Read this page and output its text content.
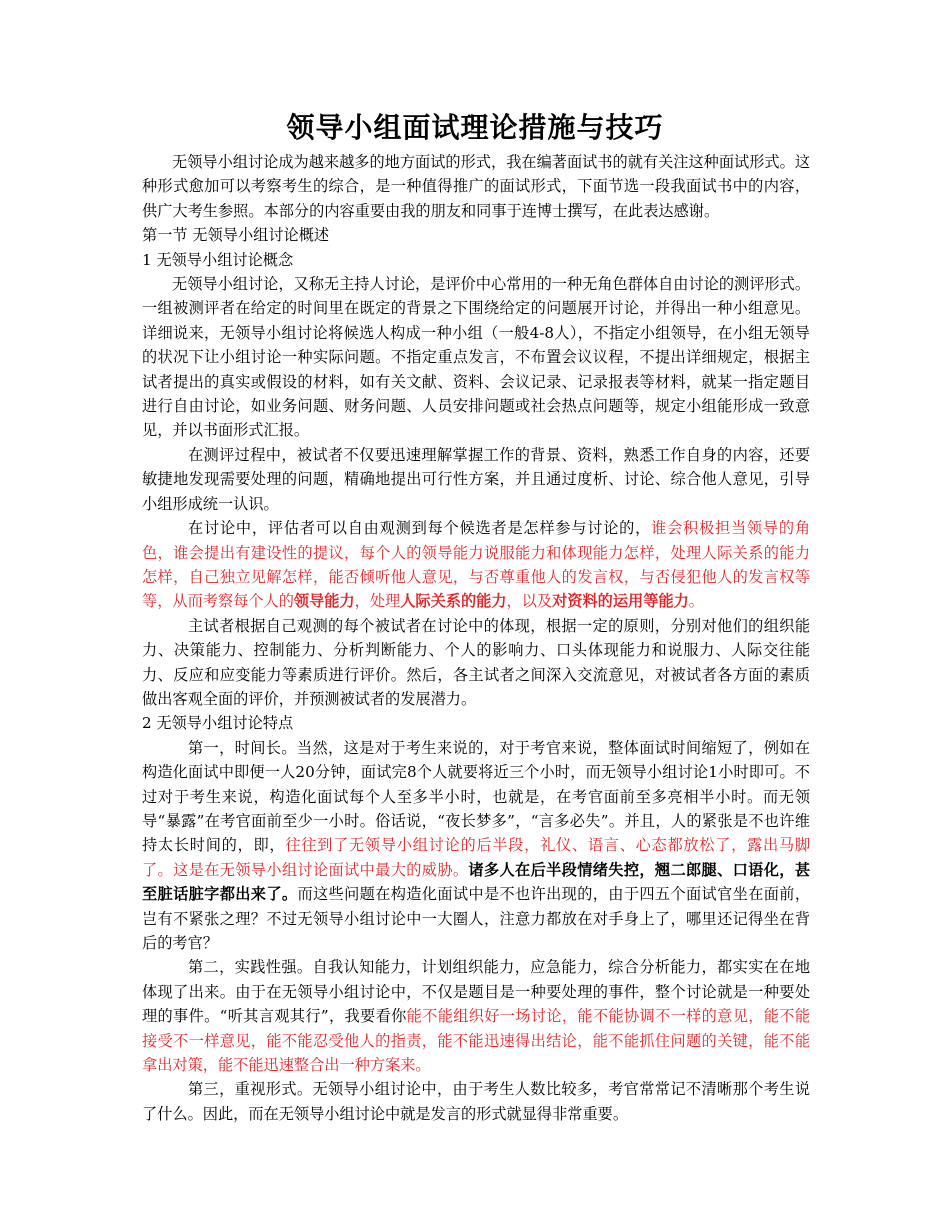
领导小组面试理论措施与技巧

无领导小组讨论成为越来越多的地方面试的形式，我在编著面试书的就有关注这种面试形式。这种形式愈加可以考察考生的综合，是一种值得推广的面试形式，下面节选一段我面试书中的内容，供广大考生参照。本部分的内容重要由我的朋友和同事于连博士撰写，在此表达感谢。

第一节 无领导小组讨论概述

1 无领导小组讨论概念

无领导小组讨论，又称无主持人讨论，是评价中心常用的一种无角色群体自由讨论的测评形式。一组被测评者在给定的时间里在既定的背景之下围绕给定的问题展开讨论，并得出一种小组意见。详细说来，无领导小组讨论将候选人构成一种小组（一般4-8人），不指定小组领导，在小组无领导的状况下让小组讨论一种实际问题。不指定重点发言，不布置会议议程，不提出详细规定，根据主试者提出的真实或假设的材料，如有关文献、资料、会议记录、记录报表等材料，就某一指定题目进行自由讨论，如业务问题、财务问题、人员安排问题或社会热点问题等，规定小组能形成一致意见，并以书面形式汇报。

在测评过程中，被试者不仅要迅速理解掌握工作的背景、资料，熟悉工作自身的内容，还要敏捷地发现需要处理的问题，精确地提出可行性方案，并且通过度析、讨论、综合他人意见，引导小组形成统一认识。

在讨论中，评估者可以自由观测到每个候选者是怎样参与讨论的，谁会积极担当领导的角色，谁会提出有建设性的提议，每个人的领导能力说服能力和体现能力怎样，处理人际关系的能力怎样，自己独立见解怎样，能否倾听他人意见，与否尊重他人的发言权，与否侵犯他人的发言权等等，从而考察每个人的领导能力，处理人际关系的能力，以及对资料的运用等能力。

主试者根据自己观测的每个被试者在讨论中的体现，根据一定的原则，分别对他们的组织能力、决策能力、控制能力、分析判断能力、个人的影响力、口头体现能力和说服力、人际交往能力、反应和应变能力等素质进行评价。然后，各主试者之间深入交流意见，对被试者各方面的素质做出客观全面的评价，并预测被试者的发展潜力。

2 无领导小组讨论特点

第一，时间长。当然，这是对于考生来说的，对于考官来说，整体面试时间缩短了，例如在构造化面试中即便一人20分钟，面试完8个人就要将近三个小时，而无领导小组讨论1小时即可。不过对于考生来说，构造化面试每个人至多半小时，也就是，在考官面前至多亮相半小时。而无领导“暴露”在考官面前至少一小时。俗话说，“夜长梦多”，“言多必失”。并且，人的紧张是不也许维持太长时间的，即，往往到了无领导小组讨论的后半段，礼仪、语言、心态都放松了，露出马脚了。这是在无领导小组讨论面试中最大的威胁。诸多人在后半段情绪失控，翘二郎腿、口语化，甚至脏话脏字都出来了。而这些问题在构造化面试中是不也许出现的，由于四五个面试官坐在面前，岂有不紧张之理？不过无领导小组讨论中一大圈人，注意力都放在对手身上了，哪里还记得坐在背后的考官？

第二，实践性强。自我认知能力，计划组织能力，应急能力，综合分析能力，都实实在在地体现了出来。由于在无领导小组讨论中，不仅是题目是一种要处理的事件，整个讨论就是一种要处理的事件。“听其言观其行”，我要看你能不能组织好一场讨论，能不能协调不一样的意见，能不能接受不一样意见，能不能忍受他人的指责，能不能迅速得出结论，能不能抓住问题的关键，能不能拿出对策，能不能迅速整合出一种方案来。

第三，重视形式。无领导小组讨论中，由于考生人数比较多，考官常常记不清晰那个考生说了什么。因此，而在无领导小组讨论中就是发言的形式就显得非常重要。
